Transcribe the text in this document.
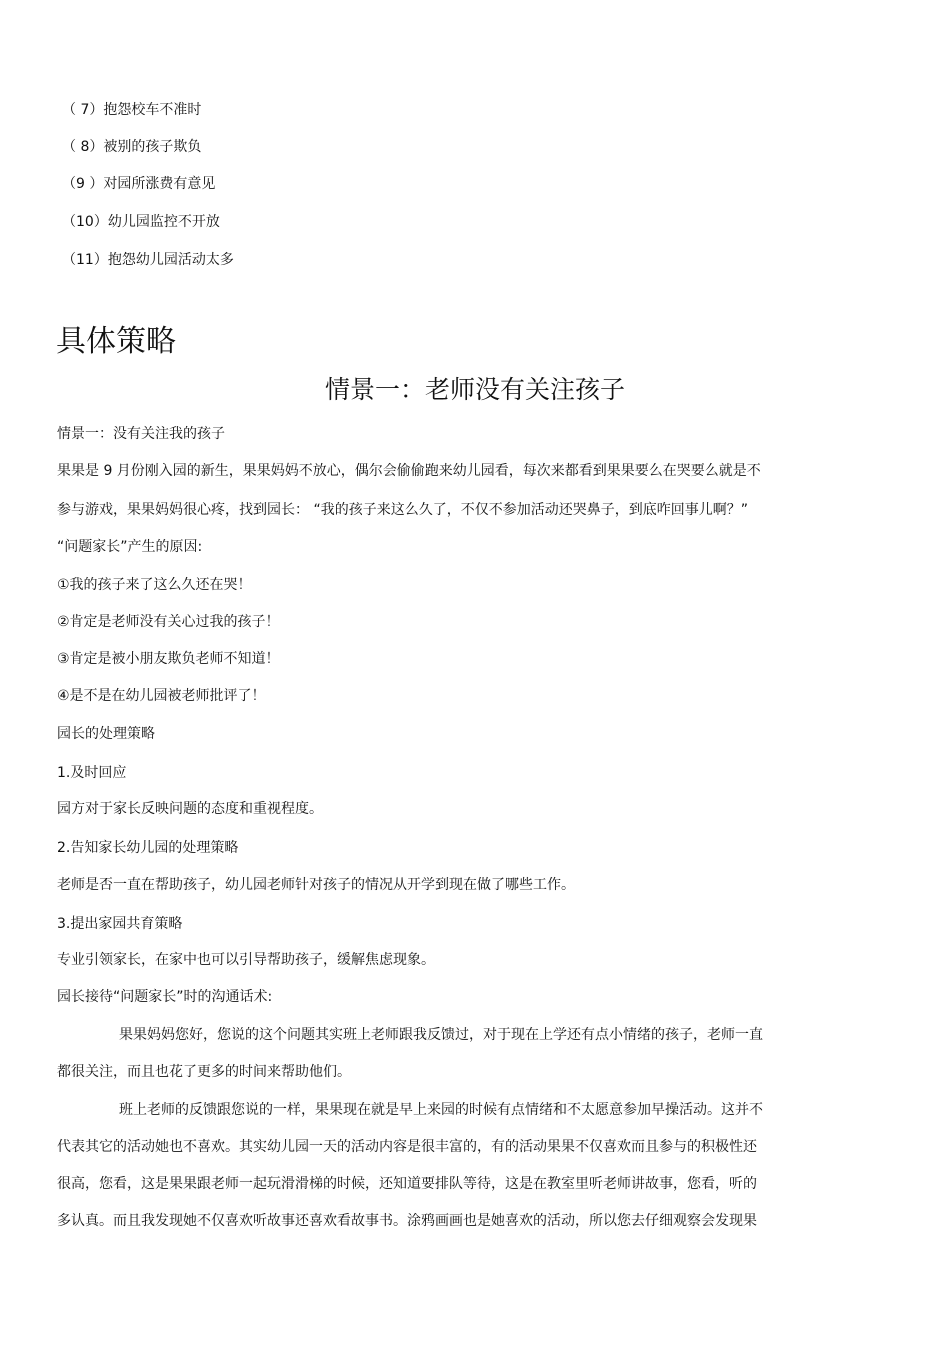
（ 7）抱怨校车不准时
（ 8）被别的孩子欺负
（9 ）对园所涨费有意见
（10）幼儿园监控不开放
（11）抱怨幼儿园活动太多
具体策略
情景一：老师没有关注孩子
情景一：没有关注我的孩子
果果是 9 月份刚入园的新生，果果妈妈不放心，偶尔会偷偷跑来幼儿园看，每次来都看到果果要么在哭要么就是不
参与游戏，果果妈妈很心疼，找到园长： “我的孩子来这么久了，不仅不参加活动还哭鼻子，到底咋回事儿啊？”
“问题家长”产生的原因:
①我的孩子来了这么久还在哭！
②肯定是老师没有关心过我的孩子！
③肯定是被小朋友欺负老师不知道！
④是不是在幼儿园被老师批评了！
园长的处理策略
1.及时回应
园方对于家长反映问题的态度和重视程度。
2.告知家长幼儿园的处理策略
老师是否一直在帮助孩子，幼儿园老师针对孩子的情况从开学到现在做了哪些工作。
3.提出家园共育策略
专业引领家长，在家中也可以引导帮助孩子，缓解焦虑现象。
园长接待“问题家长”时的沟通话术:
果果妈妈您好，您说的这个问题其实班上老师跟我反馈过，对于现在上学还有点小情绪的孩子，老师一直
都很关注，而且也花了更多的时间来帮助他们。
班上老师的反馈跟您说的一样，果果现在就是早上来园的时候有点情绪和不太愿意参加早操活动。这并不
代表其它的活动她也不喜欢。其实幼儿园一天的活动内容是很丰富的，有的活动果果不仅喜欢而且参与的积极性还
很高，您看，这是果果跟老师一起玩滑滑梯的时候，还知道要排队等待，这是在教室里听老师讲故事，您看，听的
多认真。而且我发现她不仅喜欢听故事还喜欢看故事书。涂鸦画画也是她喜欢的活动，所以您去仔细观察会发现果
